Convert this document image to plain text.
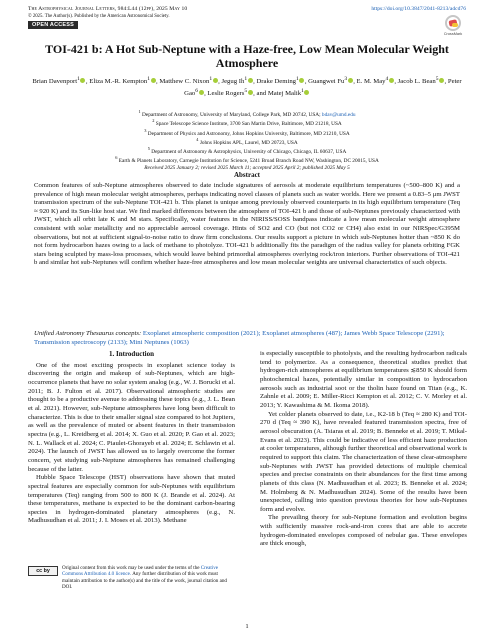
The Astrophysical Journal Letters, 984:L44 (12pp), 2025 May 10	https://doi.org/10.3847/2041-8213/adcd76
© 2025. The Author(s). Published by the American Astronomical Society.
OPEN ACCESS
CrossMark
TOI-421 b: A Hot Sub-Neptune with a Haze-free, Low Mean Molecular Weight Atmosphere
Brian Davenport$^1$ , Eliza M.-R. Kempton$^1$ , Matthew C. Nixon$^1$ , Jegug Ih$^1$ , Drake Deming$^1$ , Guangwei Fu$^3$ , E. M. May$^4$ , Jacob L. Bean$^5$ , Peter Gao$^6$ , Leslie Rogers$^5$ , and Matej Malik$^1$
$^1$ Department of Astronomy, University of Maryland, College Park, MD 20742, USA; bdav@umd.edu
$^2$ Space Telescope Science Institute, 3700 San Martin Drive, Baltimore, MD 21218, USA
$^3$ Department of Physics and Astronomy, Johns Hopkins University, Baltimore, MD 21210, USA
$^4$ Johns Hopkins APL, Laurel, MD 20723, USA
$^5$ Department of Astronomy & Astrophysics, University of Chicago, Chicago, IL 60637, USA
$^6$ Earth & Planets Laboratory, Carnegie Institution for Science, 5241 Broad Branch Road NW, Washington, DC 20015, USA
Received 2025 January 2; revised 2025 March 11; accepted 2025 April 2; published 2025 May 5
Abstract

Common features of sub-Neptune atmospheres observed to date include signatures of aerosols at moderate equilibrium temperatures (~500–800 K) and a prevalence of high mean molecular weight atmospheres, perhaps indicating novel classes of planets such as water worlds. Here we present a 0.83–5 μm JWST transmission spectrum of the sub-Neptune TOI-421 b. This planet is unique among previously observed counterparts in its high equilibrium temperature (Teq ≈ 920 K) and its Sun-like host star. We find marked differences between the atmosphere of TOI-421 b and those of sub-Neptunes previously characterized with JWST, which all orbit late K and M stars. Specifically, water features in the NIRISS/SOSS bandpass indicate a low mean molecular weight atmosphere consistent with solar metallicity and no appreciable aerosol coverage. Hints of SO2 and CO (but not CO2 or CH4) also exist in our NIRSpec/G395M observations, but not at sufficient signal-to-noise ratio to draw firm conclusions. Our results support a picture in which sub-Neptunes hotter than ~850 K do not form hydrocarbon hazes owing to a lack of methane to photolyze. TOI-421 b additionally fits the paradigm of the radius valley for planets orbiting FGK stars being sculpted by mass-loss processes, which would leave behind primordial atmospheres overlying rock/iron interiors. Further observations of TOI-421 b and similar hot sub-Neptunes will confirm whether haze-free atmospheres and low mean molecular weights are universal characteristics of such objects.

Unified Astronomy Thesaurus concepts: Exoplanet atmospheric composition (2021); Exoplanet atmospheres (487); James Webb Space Telescope (2291); Transmission spectroscopy (2133); Mini Neptunes (1063)
1. Introduction

One of the most exciting prospects in exoplanet science today is discovering the origin and makeup of sub-Neptunes, which are high-occurrence planets that have no solar system analog (e.g., W. J. Borucki et al. 2011; B. J. Fulton et al. 2017). Observational atmospheric studies are thought to be a productive avenue to addressing these topics (e.g., J. L. Bean et al. 2021). However, sub-Neptune atmospheres have long been difficult to characterize. This is due to their smaller signal size compared to hot Jupiters, as well as the prevalence of muted or absent features in their transmission spectra (e.g., L. Kreidberg et al. 2014; X. Guo et al. 2020; P. Gao et al. 2023; N. L. Wallack et al. 2024; C. Piaulet-Ghorayeb et al. 2024; E. Schlawin et al. 2024). The launch of JWST has allowed us to largely overcome the former concern, yet studying sub-Neptune atmospheres has remained challenging because of the latter.

Hubble Space Telescope (HST) observations have shown that muted spectral features are especially common for sub-Neptunes with equilibrium temperatures (Teq) ranging from 500 to 800 K (J. Brande et al. 2024). At these temperatures, methane is expected to be the dominant carbon-bearing species in hydrogen-dominated planetary atmospheres (e.g., N. Madhusudhan et al. 2011; J. I. Moses et al. 2013). Methane

is especially susceptible to photolysis, and the resulting hydrocarbon radicals tend to polymerize. As a consequence, theoretical studies predict that hydrogen-rich atmospheres at equilibrium temperatures ≲850 K should form photochemical hazes, potentially similar in composition to hydrocarbon aerosols such as industrial soot or the tholin haze found on Titan (e.g., K. Zahnle et al. 2009; E. Miller-Ricci Kempton et al. 2012; C. V. Morley et al. 2013; Y. Kawashima & M. Ikoma 2018).

Yet colder planets observed to date, i.e., K2-18 b (Teq ≈ 280 K) and TOI-270 d (Teq ≈ 390 K), have revealed featured transmission spectra, free of aerosol obscuration (A. Tsiaras et al. 2019; B. Benneke et al. 2019; T. Mikal-Evans et al. 2023). This could be indicative of less efficient haze production at cooler temperatures, although further theoretical and observational work is required to support this claim. The characterization of these clear-atmosphere sub-Neptunes with JWST has provided detections of multiple chemical species and precise constraints on their abundances for the first time among planets of this class (N. Madhusudhan et al. 2023; B. Benneke et al. 2024; M. Holmberg & N. Madhusudhan 2024). Some of the results have been unexpected, calling into question previous theories for how sub-Neptunes form and evolve.

The prevailing theory for sub-Neptune formation and evolution begins with sufficiently massive rock-and-iron cores that are able to accrete hydrogen-dominated envelopes composed of nebular gas. These envelopes are thick enough,

cc by	Original content from this work may be used under the terms of the Creative Commons Attribution 4.0 licence. Any further distribution of this work must maintain attribution to the author(s) and the title of the work, journal citation and DOI.
1
